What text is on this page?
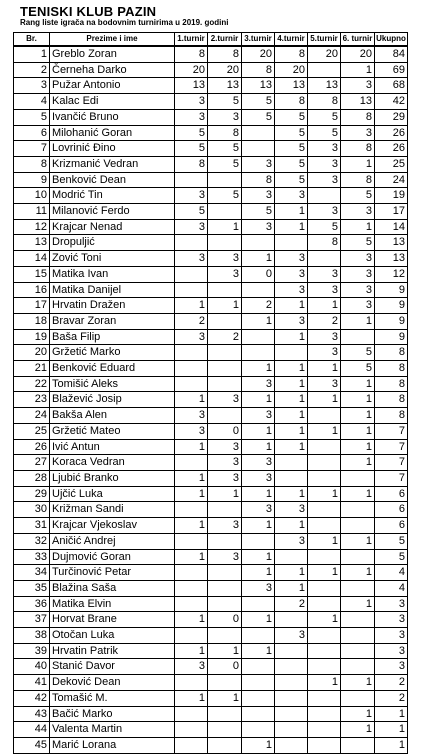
TENISKI KLUB PAZIN
Rang liste igrača na bodovnim turnirima u 2019. godini
Br.	Prezime i ime	1.turnir	2.turnir	3.turnir	4.turnir	5.turnir	6. turnir	Ukupno
1	Greblo Zoran	8	8	20	8	20	20	84
2	Černeha Darko	20	20	8	20		1	69
3	Pužar Antonio	13	13	13	13	13	3	68
4	Kalac Edi	3	5	5	8	8	13	42
5	Ivančić Bruno	3	3	5	5	5	8	29
6	Milohanić Goran	5	8		5	5	3	26
7	Lovrinić Đino	5	5		5	3	8	26
8	Krizmanić Vedran	8	5	3	5	3	1	25
9	Benković Dean			8	5	3	8	24
10	Modrić Tin	3	5	3	3		5	19
11	Milanović Ferdo	5		5	1	3	3	17
12	Krajcar Nenad	3	1	3	1	5	1	14
13	Dropuljić					8	5	13
14	Zović Toni	3	3	1	3		3	13
15	Matika Ivan		3	0	3	3	3	12
16	Matika Danijel				3	3	3	9
17	Hrvatin Dražen	1	1	2	1	1	3	9
18	Bravar Zoran	2		1	3	2	1	9
19	Baša Filip	3	2		1	3		9
20	Gržetić Marko					3	5	8
21	Benković Eduard			1	1	1	5	8
22	Tomišić Aleks			3	1	3	1	8
23	Blažević Josip	1	3	1	1	1	1	8
24	Bakša Alen	3		3	1		1	8
25	Gržetić Mateo	3	0	1	1	1	1	7
26	Ivić Antun	1	3	1	1		1	7
27	Koraca Vedran		3	3			1	7
28	Ljubić Branko	1	3	3				7
29	Ujčić Luka	1	1	1	1	1	1	6
30	Križman Sandi			3	3			6
31	Krajcar Vjekoslav	1	3	1	1			6
32	Aničić Andrej				3	1	1	5
33	Dujmović Goran	1	3	1				5
34	Turčinović Petar			1	1	1	1	4
35	Blažina Saša			3	1			4
36	Matika Elvin				2		1	3
37	Horvat Brane	1	0	1		1		3
38	Otočan Luka				3			3
39	Hrvatin Patrik	1	1	1				3
40	Stanić Davor	3	0					3
41	Deković Dean					1	1	2
42	Tomašić M.	1	1					2
43	Bačić Marko						1	1
44	Valenta Martin						1	1
45	Marić Lorana			1				1
